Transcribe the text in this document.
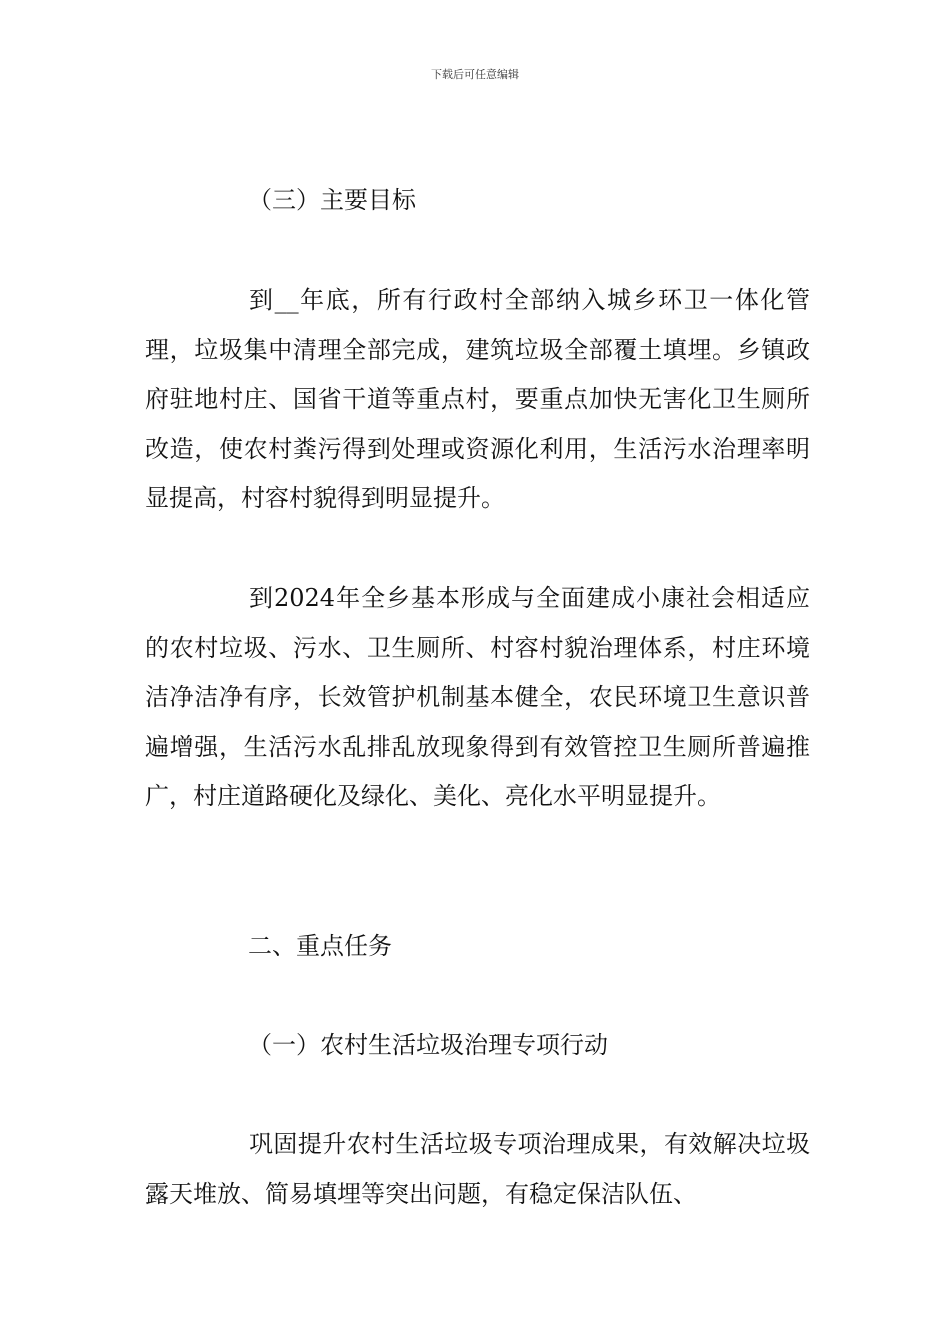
下载后可任意编辑
（三）主要目标
到__年底，所有行政村全部纳入城乡环卫一体化管理，垃圾集中清理全部完成，建筑垃圾全部覆土填埋。乡镇政府驻地村庄、国省干道等重点村，要重点加快无害化卫生厕所改造，使农村粪污得到处理或资源化利用，生活污水治理率明显提高，村容村貌得到明显提升。
到2024年全乡基本形成与全面建成小康社会相适应的农村垃圾、污水、卫生厕所、村容村貌治理体系，村庄环境洁净洁净有序，长效管护机制基本健全，农民环境卫生意识普遍增强，生活污水乱排乱放现象得到有效管控卫生厕所普遍推广，村庄道路硬化及绿化、美化、亮化水平明显提升。
二、重点任务
（一）农村生活垃圾治理专项行动
巩固提升农村生活垃圾专项治理成果，有效解决垃圾露天堆放、简易填埋等突出问题，有稳定保洁队伍、
